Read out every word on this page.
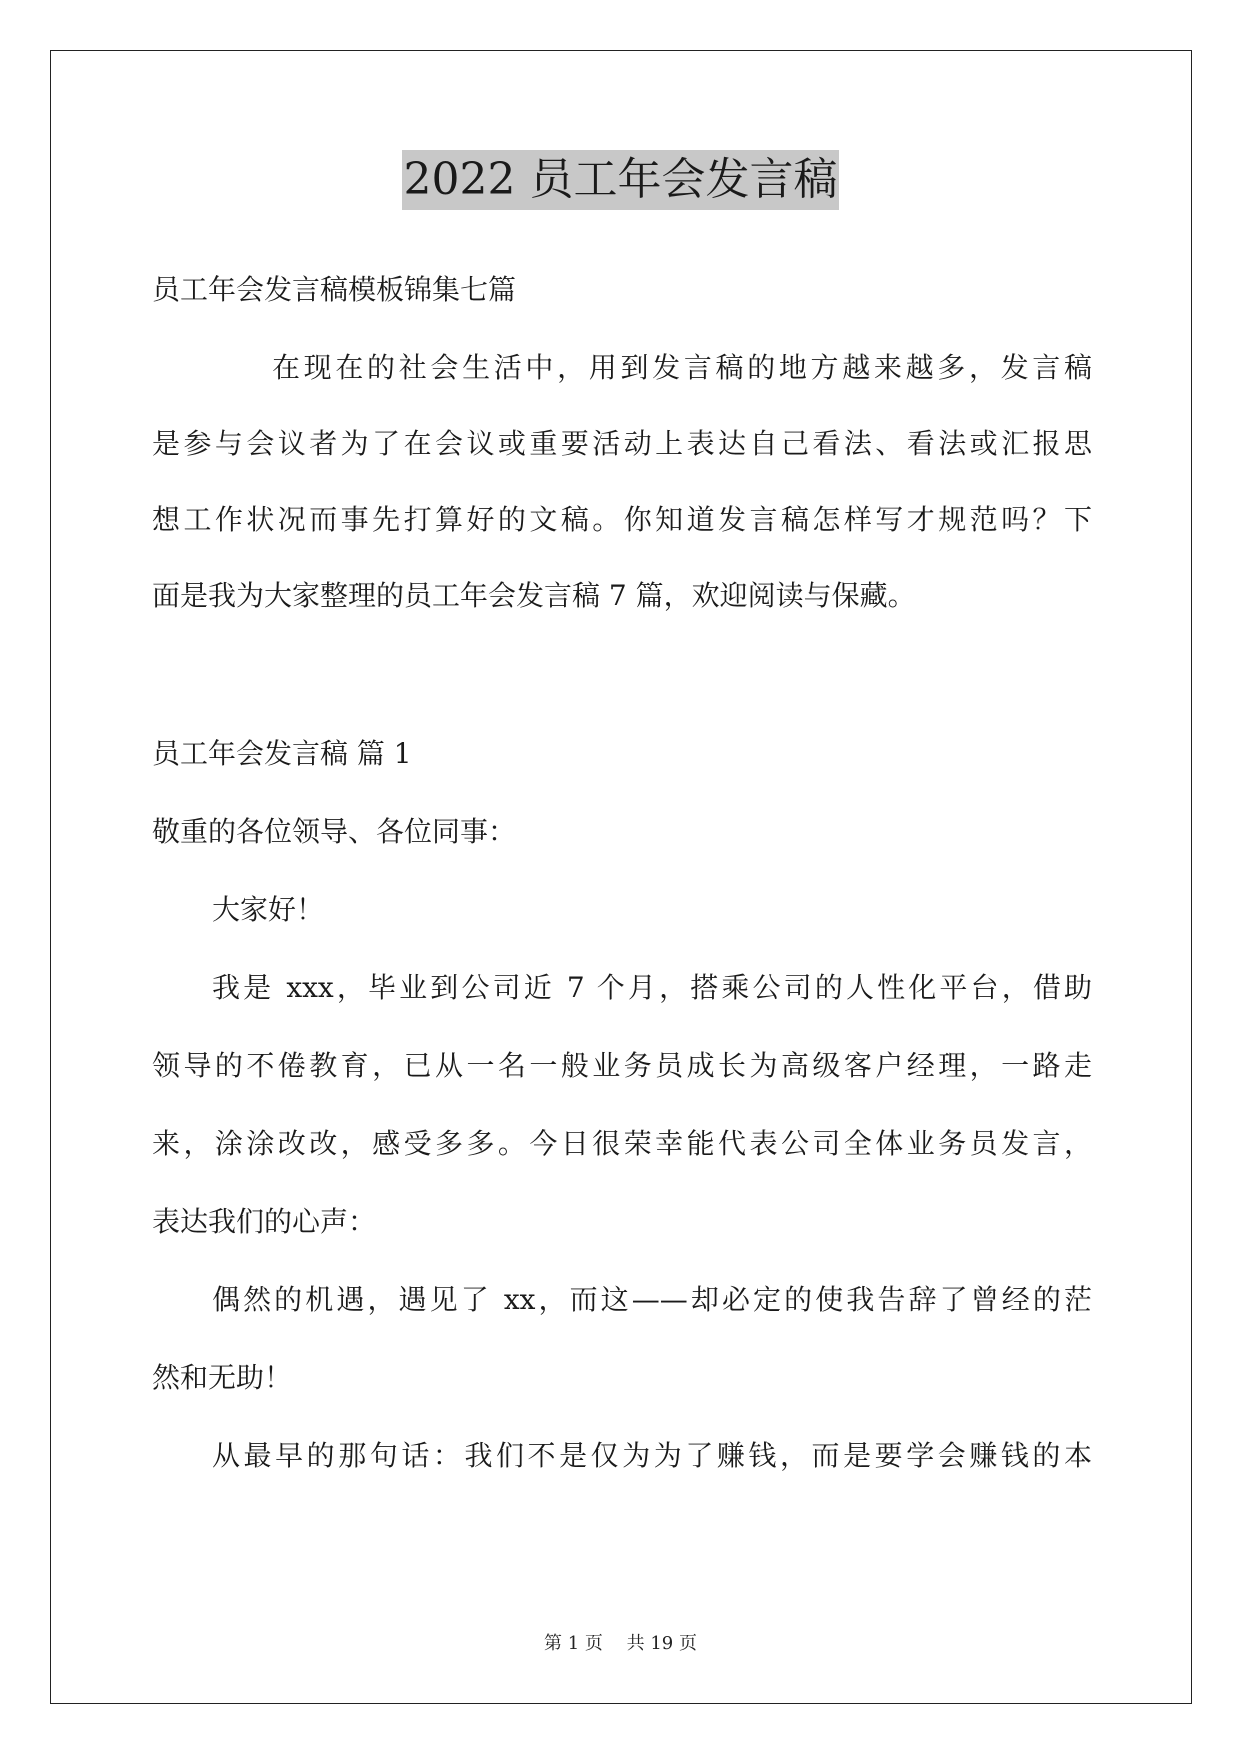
2022 员工年会发言稿
员工年会发言稿模板锦集七篇
在现在的社会生活中，用到发言稿的地方越来越多，发言稿
是参与会议者为了在会议或重要活动上表达自己看法、看法或汇报思
想工作状况而事先打算好的文稿。你知道发言稿怎样写才规范吗？下
面是我为大家整理的员工年会发言稿 7 篇，欢迎阅读与保藏。
员工年会发言稿 篇 1
敬重的各位领导、各位同事：
大家好！
我是 xxx，毕业到公司近 7 个月，搭乘公司的人性化平台，借助
领导的不倦教育，已从一名一般业务员成长为高级客户经理，一路走
来，涂涂改改，感受多多。今日很荣幸能代表公司全体业务员发言，
表达我们的心声：
偶然的机遇，遇见了 xx，而这——却必定的使我告辞了曾经的茫
然和无助！
从最早的那句话：我们不是仅为为了赚钱，而是要学会赚钱的本
第 1 页　 共 19 页
